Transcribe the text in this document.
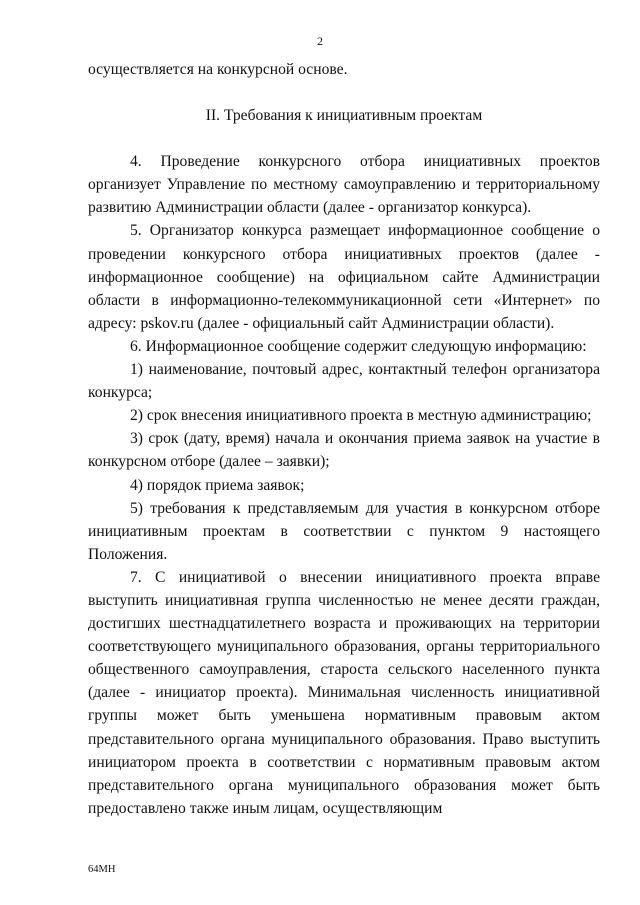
2

осуществляется на конкурсной основе.

II. Требования к инициативным проектам

4. Проведение конкурсного отбора инициативных проектов организует Управление по местному самоуправлению и территориальному развитию Администрации области (далее - организатор конкурса).

5. Организатор конкурса размещает информационное сообщение о проведении конкурсного отбора инициативных проектов (далее - информационное сообщение) на официальном сайте Администрации области в информационно-телекоммуникационной сети «Интернет» по адресу: pskov.ru (далее - официальный сайт Администрации области).

6. Информационное сообщение содержит следующую информацию:

1) наименование, почтовый адрес, контактный телефон организатора конкурса;

2) срок внесения инициативного проекта в местную администрацию;

3) срок (дату, время) начала и окончания приема заявок на участие в конкурсном отборе (далее – заявки);

4) порядок приема заявок;

5) требования к представляемым для участия в конкурсном отборе инициативным проектам в соответствии с пунктом 9 настоящего Положения.

7. С инициативой о внесении инициативного проекта вправе выступить инициативная группа численностью не менее десяти граждан, достигших шестнадцатилетнего возраста и проживающих на территории соответствующего муниципального образования, органы территориального общественного самоуправления, староста сельского населенного пункта (далее - инициатор проекта). Минимальная численность инициативной группы может быть уменьшена нормативным правовым актом представительного органа муниципального образования. Право выступить инициатором проекта в соответствии с нормативным правовым актом представительного органа муниципального образования может быть предоставлено также иным лицам, осуществляющим

64МН
